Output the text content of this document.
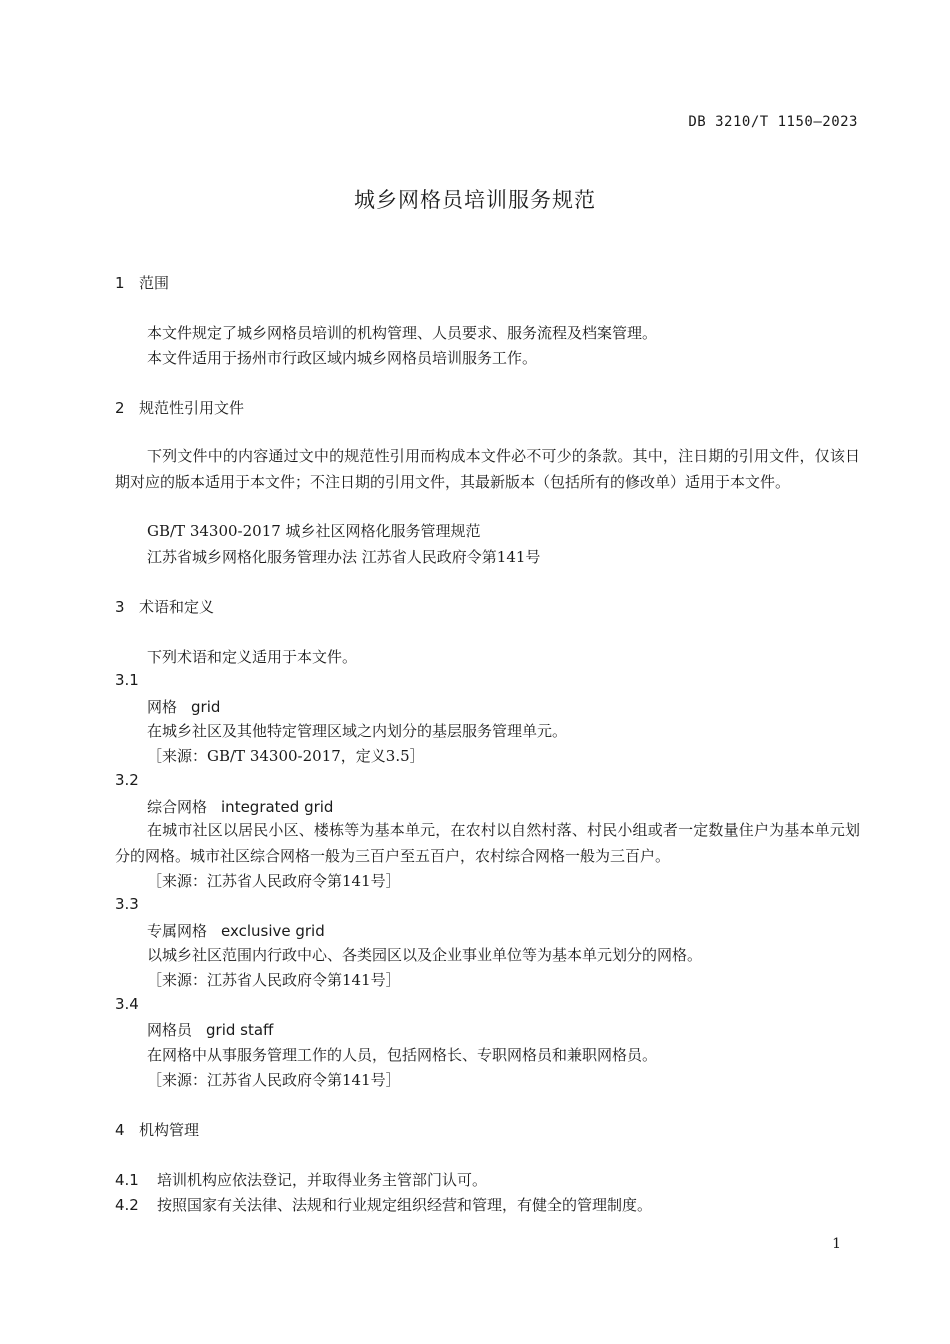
DB 3210/T 1150—2023
城乡网格员培训服务规范
1 范围
本文件规定了城乡网格员培训的机构管理、人员要求、服务流程及档案管理。
本文件适用于扬州市行政区域内城乡网格员培训服务工作。
2 规范性引用文件
下列文件中的内容通过文中的规范性引用而构成本文件必不可少的条款。其中，注日期的引用文件，仅该日期对应的版本适用于本文件；不注日期的引用文件，其最新版本（包括所有的修改单）适用于本文件。
GB/T 34300-2017 城乡社区网格化服务管理规范
江苏省城乡网格化服务管理办法 江苏省人民政府令第141号
3 术语和定义
下列术语和定义适用于本文件。
3.1
网格 grid
在城乡社区及其他特定管理区域之内划分的基层服务管理单元。
［来源：GB/T 34300-2017，定义3.5］
3.2
综合网格 integrated grid
在城市社区以居民小区、楼栋等为基本单元，在农村以自然村落、村民小组或者一定数量住户为基本单元划分的网格。城市社区综合网格一般为三百户至五百户，农村综合网格一般为三百户。
［来源：江苏省人民政府令第141号］
3.3
专属网格 exclusive grid
以城乡社区范围内行政中心、各类园区以及企业事业单位等为基本单元划分的网格。
［来源：江苏省人民政府令第141号］
3.4
网格员 grid staff
在网格中从事服务管理工作的人员，包括网格长、专职网格员和兼职网格员。
［来源：江苏省人民政府令第141号］
4 机构管理
4.1 培训机构应依法登记，并取得业务主管部门认可。
4.2 按照国家有关法律、法规和行业规定组织经营和管理，有健全的管理制度。
1
